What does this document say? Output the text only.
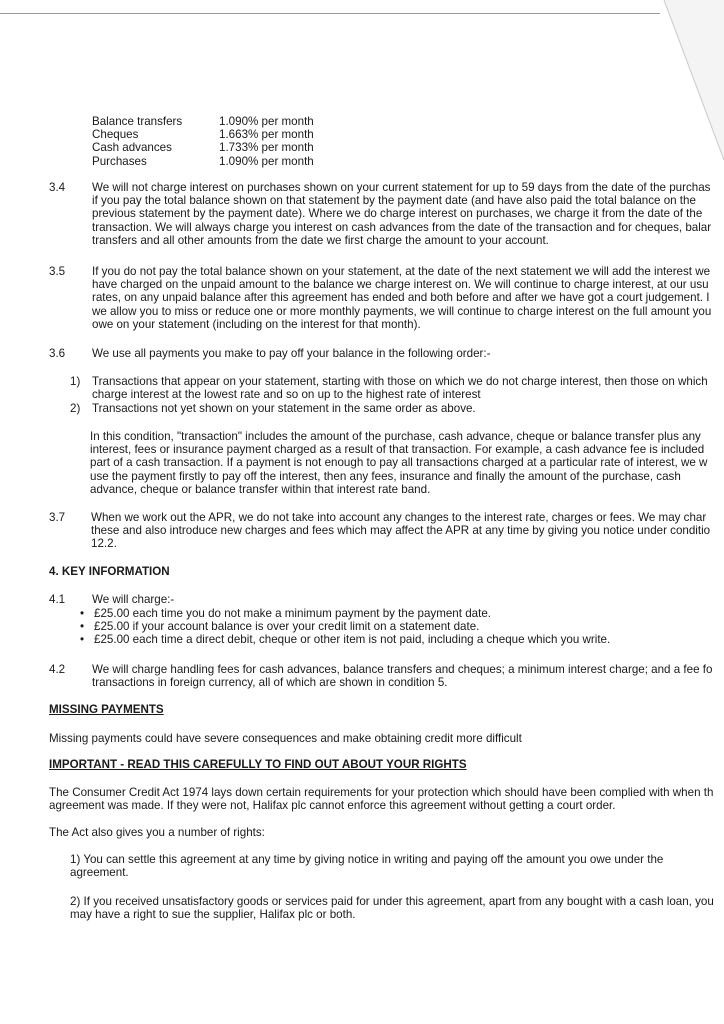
Balance transfers	1.090% per month
Cheques	1.663% per month
Cash advances	1.733% per month
Purchases	1.090% per month
3.4 We will not charge interest on purchases shown on your current statement for up to 59 days from the date of the purchas
if you pay the total balance shown on that statement by the payment date (and have also paid the total balance on the
previous statement by the payment date). Where we do charge interest on purchases, we charge it from the date of the
transaction. We will always charge you interest on cash advances from the date of the transaction and for cheques, balar
transfers and all other amounts from the date we first charge the amount to your account.
3.5 If you do not pay the total balance shown on your statement, at the date of the next statement we will add the interest we
have charged on the unpaid amount to the balance we charge interest on. We will continue to charge interest, at our usu
rates, on any unpaid balance after this agreement has ended and both before and after we have got a court judgement. I
we allow you to miss or reduce one or more monthly payments, we will continue to charge interest on the full amount you
owe on your statement (including on the interest for that month).
3.6 We use all payments you make to pay off your balance in the following order:-
1) Transactions that appear on your statement, starting with those on which we do not charge interest, then those on which
charge interest at the lowest rate and so on up to the highest rate of interest
2) Transactions not yet shown on your statement in the same order as above.
In this condition, "transaction" includes the amount of the purchase, cash advance, cheque or balance transfer plus any
interest, fees or insurance payment charged as a result of that transaction. For example, a cash advance fee is included
part of a cash transaction. If a payment is not enough to pay all transactions charged at a particular rate of interest, we w
use the payment firstly to pay off the interest, then any fees, insurance and finally the amount of the purchase, cash
advance, cheque or balance transfer within that interest rate band.
3.7 When we work out the APR, we do not take into account any changes to the interest rate, charges or fees. We may char
these and also introduce new charges and fees which may affect the APR at any time by giving you notice under conditio
12.2.
4. KEY INFORMATION
4.1 We will charge:-
• £25.00 each time you do not make a minimum payment by the payment date.
• £25.00 if your account balance is over your credit limit on a statement date.
• £25.00 each time a direct debit, cheque or other item is not paid, including a cheque which you write.
4.2 We will charge handling fees for cash advances, balance transfers and cheques; a minimum interest charge; and a fee fo
transactions in foreign currency, all of which are shown in condition 5.
MISSING PAYMENTS
Missing payments could have severe consequences and make obtaining credit more difficult
IMPORTANT - READ THIS CAREFULLY TO FIND OUT ABOUT YOUR RIGHTS
The Consumer Credit Act 1974 lays down certain requirements for your protection which should have been complied with when th
agreement was made. If they were not, Halifax plc cannot enforce this agreement without getting a court order.
The Act also gives you a number of rights:
1) You can settle this agreement at any time by giving notice in writing and paying off the amount you owe under the
agreement.
2) If you received unsatisfactory goods or services paid for under this agreement, apart from any bought with a cash loan, you
may have a right to sue the supplier, Halifax plc or both.
